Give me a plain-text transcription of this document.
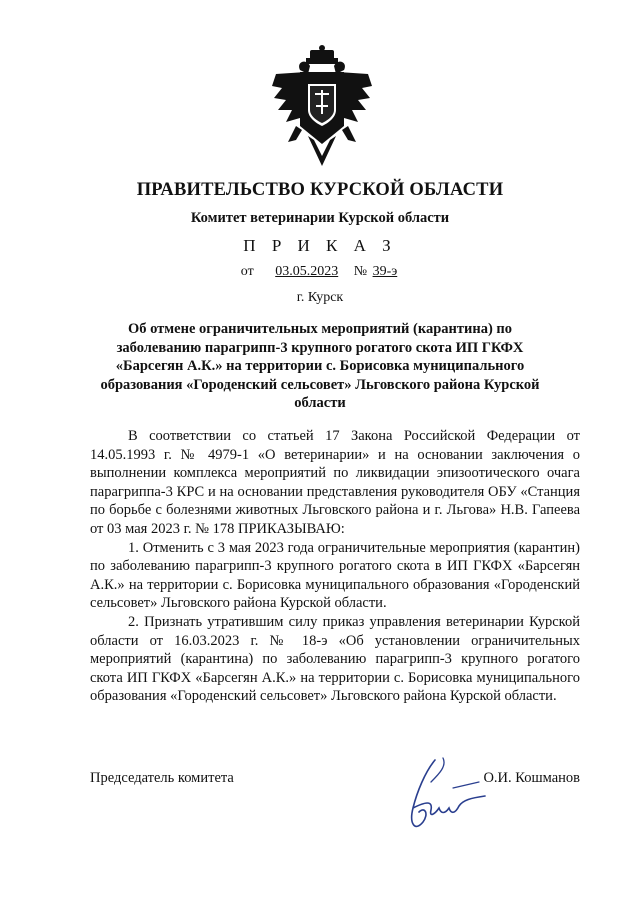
ПРАВИТЕЛЬСТВО КУРСКОЙ ОБЛАСТИ
Комитет ветеринарии Курской области
П Р И К А З
от 03.05.2023 № 39-э
г. Курск
Об отмене ограничительных мероприятий (карантина) по заболеванию парагрипп-3 крупного рогатого скота ИП ГКФХ «Барсегян А.К.» на территории с. Борисовка муниципального образования «Городенский сельсовет» Льговского района Курской области

В соответствии со статьей 17 Закона Российской Федерации от 14.05.1993 г. № 4979-1 «О ветеринарии» и на основании заключения о выполнении комплекса мероприятий по ликвидации эпизоотического очага парагриппа-3 КРС и на основании представления руководителя ОБУ «Станция по борьбе с болезнями животных Льговского района и г. Льгова» Н.В. Гапеева от 03 мая 2023 г. № 178 ПРИКАЗЫВАЮ:

1. Отменить с 3 мая 2023 года ограничительные мероприятия (карантин) по заболеванию парагрипп-3 крупного рогатого скота в ИП ГКФХ «Барсегян А.К.» на территории с. Борисовка муниципального образования «Городенский сельсовет» Льговского района Курской области.

2. Признать утратившим силу приказ управления ветеринарии Курской области от 16.03.2023 г. № 18-э «Об установлении ограничительных мероприятий (карантина) по заболеванию парагрипп-3 крупного рогатого скота ИП ГКФХ «Барсегян А.К.» на территории с. Борисовка муниципального образования «Городенский сельсовет» Льговского района Курской области.

Председатель комитета	О.И. Кошманов
